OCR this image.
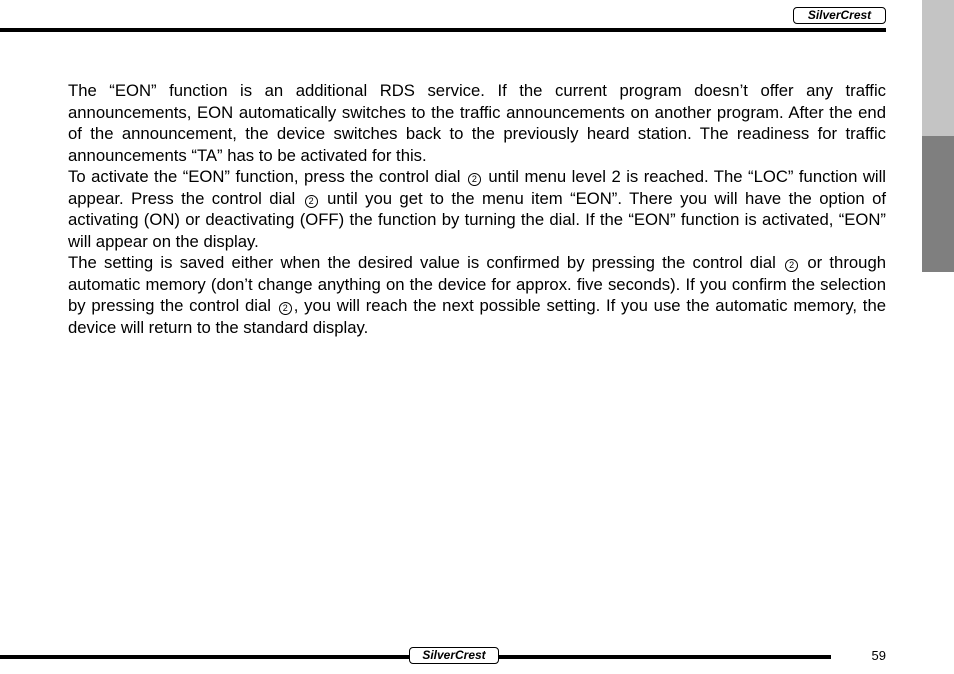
SilverCrest

The “EON” function is an additional RDS service. If the current program doesn’t offer any traffic announcements, EON automatically switches to the traffic announcements on another program. After the end of the announcement, the device switches back to the previously heard station. The readiness for traffic announcements “TA” has to be activated for this.

To activate the “EON” function, press the control dial 2 until menu level 2 is reached. The “LOC” function will appear. Press the control dial 2 until you get to the menu item “EON”. There you will have the option of activating (ON) or deactivating (OFF) the function by turning the dial. If the “EON” function is activated, “EON” will appear on the display.

The setting is saved either when the desired value is confirmed by pressing the control dial 2 or through automatic memory (don’t change anything on the device for approx. five seconds). If you confirm the selection by pressing the control dial 2 , you will reach the next possible setting. If you use the automatic memory, the device will return to the standard display.

SilverCrest	59
